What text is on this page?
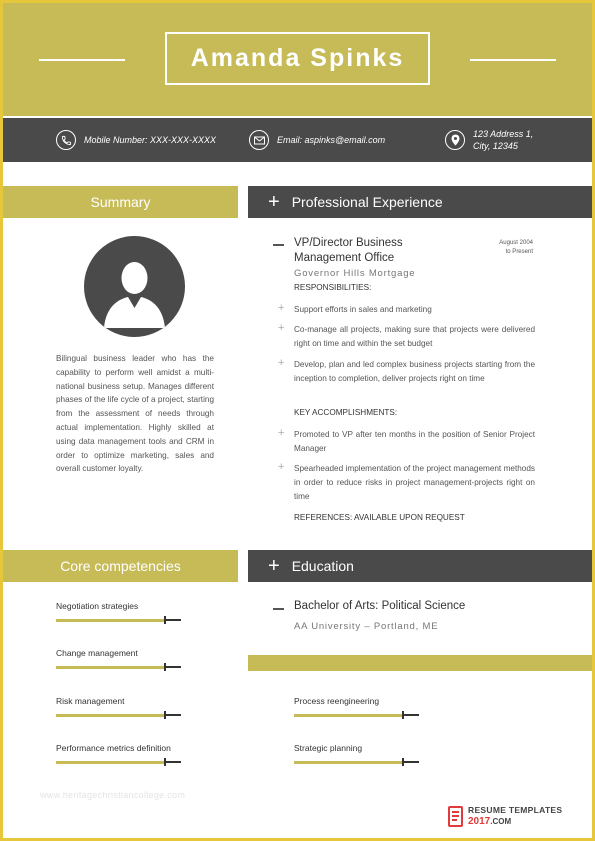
Amanda Spinks
Mobile Number: XXX-XXX-XXXX	Email: aspinks@email.com
123 Address 1,
City, 12345
Summary
Bilingual business leader who has the capability to perform well amidst a multi-national business setup. Manages different phases of the life cycle of a project, starting from the assessment of needs through actual implementation. Highly skilled at using data management tools and CRM in order to optimize marketing, sales and overall customer loyalty.
+ Professional Experience
VP/Director Business Management Office
August 2004
to Present
Governor Hills Mortgage
RESPONSIBILITIES:
+ Support efforts in sales and marketing
+ Co-manage all projects, making sure that projects were delivered right on time and within the set budget
+ Develop, plan and led complex business projects starting from the inception to completion, deliver projects right on time
KEY ACCOMPLISHMENTS:
+ Promoted to VP after ten months in the position of Senior Project Manager
+ Spearheaded implementation of the project management methods in order to reduce risks in project management-projects right on time
REFERENCES: AVAILABLE UPON REQUEST
Core competencies
Negotiation strategies
Change management
Risk management
Performance metrics definition
Process reengineering
Strategic planning
+ Education
Bachelor of Arts: Political Science
AA University – Portland, ME
www.heritagechristiancollege.com
RESUME TEMPLATES
2017.COM
